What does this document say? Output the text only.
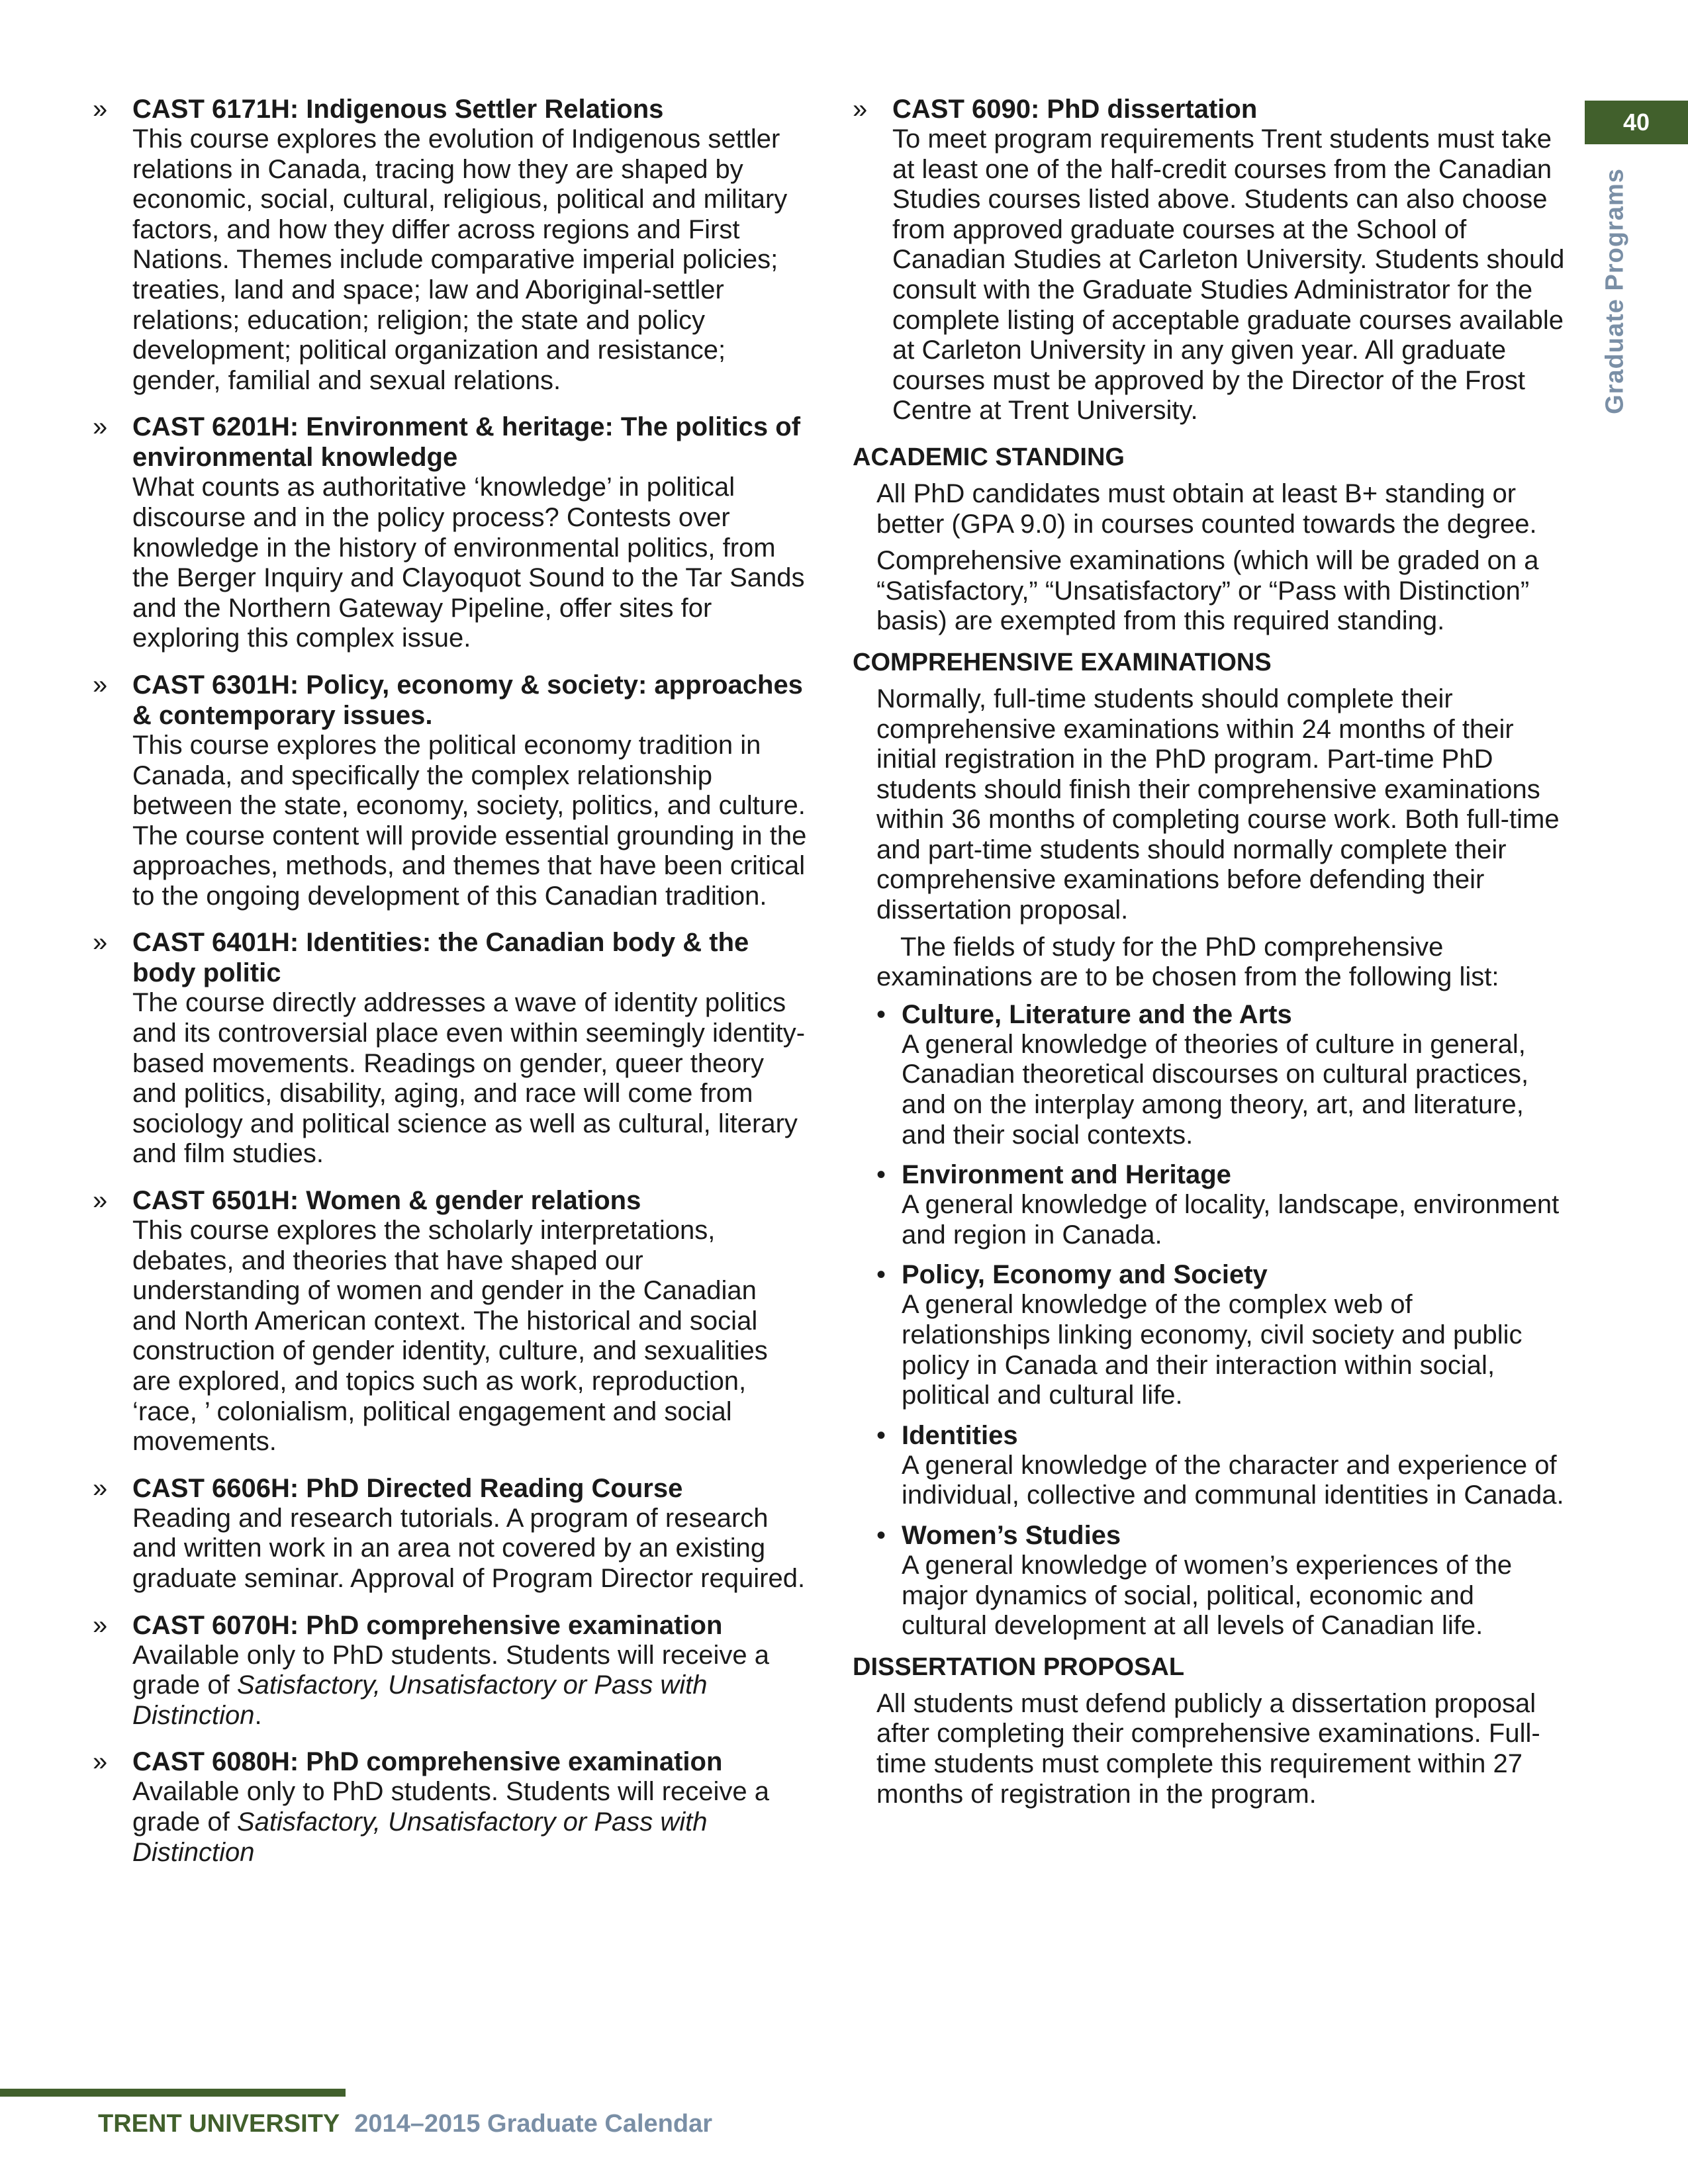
» CAST 6171H: Indigenous Settler Relations
This course explores the evolution of Indigenous settler relations in Canada, tracing how they are shaped by economic, social, cultural, religious, political and military factors, and how they differ across regions and First Nations. Themes include comparative imperial policies; treaties, land and space; law and Aboriginal-settler relations; education; religion; the state and policy development; political organization and resistance; gender, familial and sexual relations.
» CAST 6201H: Environment & heritage: The politics of environmental knowledge
What counts as authoritative ‘knowledge’ in political discourse and in the policy process? Contests over knowledge in the history of environmental politics, from the Berger Inquiry and Clayoquot Sound to the Tar Sands and the Northern Gateway Pipeline, offer sites for exploring this complex issue.
» CAST 6301H: Policy, economy & society: approaches & contemporary issues.
This course explores the political economy tradition in Canada, and specifically the complex relationship between the state, economy, society, politics, and culture. The course content will provide essential grounding in the approaches, methods, and themes that have been critical to the ongoing development of this Canadian tradition.
» CAST 6401H: Identities: the Canadian body & the body politic
The course directly addresses a wave of identity politics and its controversial place even within seemingly identity-based movements. Readings on gender, queer theory and politics, disability, aging, and race will come from sociology and political science as well as cultural, literary and film studies.
» CAST 6501H: Women & gender relations
This course explores the scholarly interpretations, debates, and theories that have shaped our understanding of women and gender in the Canadian and North American context. The historical and social construction of gender identity, culture, and sexualities are explored, and topics such as work, reproduction, ‘race, ’ colonialism, political engagement and social movements.
» CAST 6606H: PhD Directed Reading Course
Reading and research tutorials. A program of research and written work in an area not covered by an existing graduate seminar. Approval of Program Director required.
» CAST 6070H: PhD comprehensive examination
Available only to PhD students. Students will receive a grade of Satisfactory, Unsatisfactory or Pass with Distinction.
» CAST 6080H: PhD comprehensive examination
Available only to PhD students. Students will receive a grade of Satisfactory, Unsatisfactory or Pass with Distinction
» CAST 6090: PhD dissertation
To meet program requirements Trent students must take at least one of the half-credit courses from the Canadian Studies courses listed above. Students can also choose from approved graduate courses at the School of Canadian Studies at Carleton University. Students should consult with the Graduate Studies Administrator for the complete listing of acceptable graduate courses available at Carleton University in any given year. All graduate courses must be approved by the Director of the Frost Centre at Trent University.
ACADEMIC STANDING
All PhD candidates must obtain at least B+ standing or better (GPA 9.0) in courses counted towards the degree.
Comprehensive examinations (which will be graded on a “Satisfactory,” “Unsatisfactory” or “Pass with Distinction” basis) are exempted from this required standing.
COMPREHENSIVE EXAMINATIONS
Normally, full-time students should complete their comprehensive examinations within 24 months of their initial registration in the PhD program. Part-time PhD students should finish their comprehensive examinations within 36 months of completing course work. Both full-time and part-time students should normally complete their comprehensive examinations before defending their dissertation proposal.
The fields of study for the PhD comprehensive examinations are to be chosen from the following list:
• Culture, Literature and the Arts
A general knowledge of theories of culture in general, Canadian theoretical discourses on cultural practices, and on the interplay among theory, art, and literature, and their social contexts.
• Environment and Heritage
A general knowledge of locality, landscape, environment and region in Canada.
• Policy, Economy and Society
A general knowledge of the complex web of relationships linking economy, civil society and public policy in Canada and their interaction within social, political and cultural life.
• Identities
A general knowledge of the character and experience of individual, collective and communal identities in Canada.
• Women’s Studies
A general knowledge of women’s experiences of the major dynamics of social, political, economic and cultural development at all levels of Canadian life.
DISSERTATION PROPOSAL
All students must defend publicly a dissertation proposal after completing their comprehensive examinations. Full-time students must complete this requirement within 27 months of registration in the program.
40
Graduate Programs
TRENT UNIVERSITY 2014–2015 Graduate Calendar
